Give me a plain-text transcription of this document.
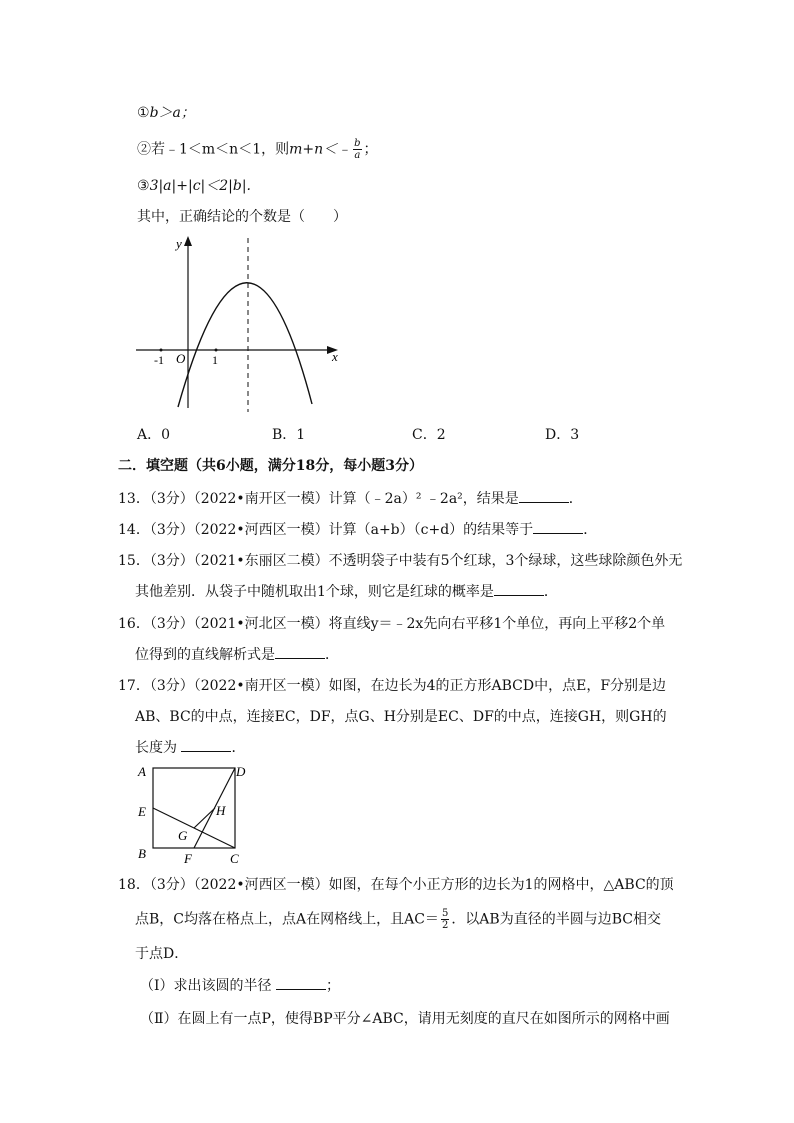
①b＞a；
②若﹣1＜m＜n＜1，则m+n＜﹣ $\frac{b}{a}$ ；
③3|a|+|c|＜2|b|.
其中，正确结论的个数是（　　）
y
x
O
-1	1
A．0	B．1	C．2	D．3
二．填空题（共6小题，满分18分，每小题3分）
13．（3分）（2022•南开区一模）计算（﹣2a）² ﹣2a²，结果是	．
14．（3分）（2022•河西区一模）计算（a+b）（c+d）的结果等于	．
15．（3分）（2021•东丽区二模）不透明袋子中装有5个红球，3个绿球，这些球除颜色外无
其他差别．从袋子中随机取出1个球，则它是红球的概率是	．
16．（3分）（2021•河北区一模）将直线y＝﹣2x先向右平移1个单位，再向上平移2个单
位得到的直线解析式是	．
17．（3分）（2022•南开区一模）如图，在边长为4的正方形ABCD中，点E，F分别是边
AB、BC的中点，连接EC，DF，点G、H分别是EC、DF的中点，连接GH，则GH的
长度为	．
A	D
E	H
G
B	F	C
18．（3分）（2022•河西区一模）如图，在每个小正方形的边长为1的网格中，△ABC的顶
点B，C均落在格点上，点A在网格线上，且$AC= \frac{5}{2}$ ．以AB为直径的半圆与边BC相交
于点D．
（Ⅰ）求出该圆的半径	；
（Ⅱ）在圆上有一点P，使得BP平分∠ABC，请用无刻度的直尺在如图所示的网格中画
